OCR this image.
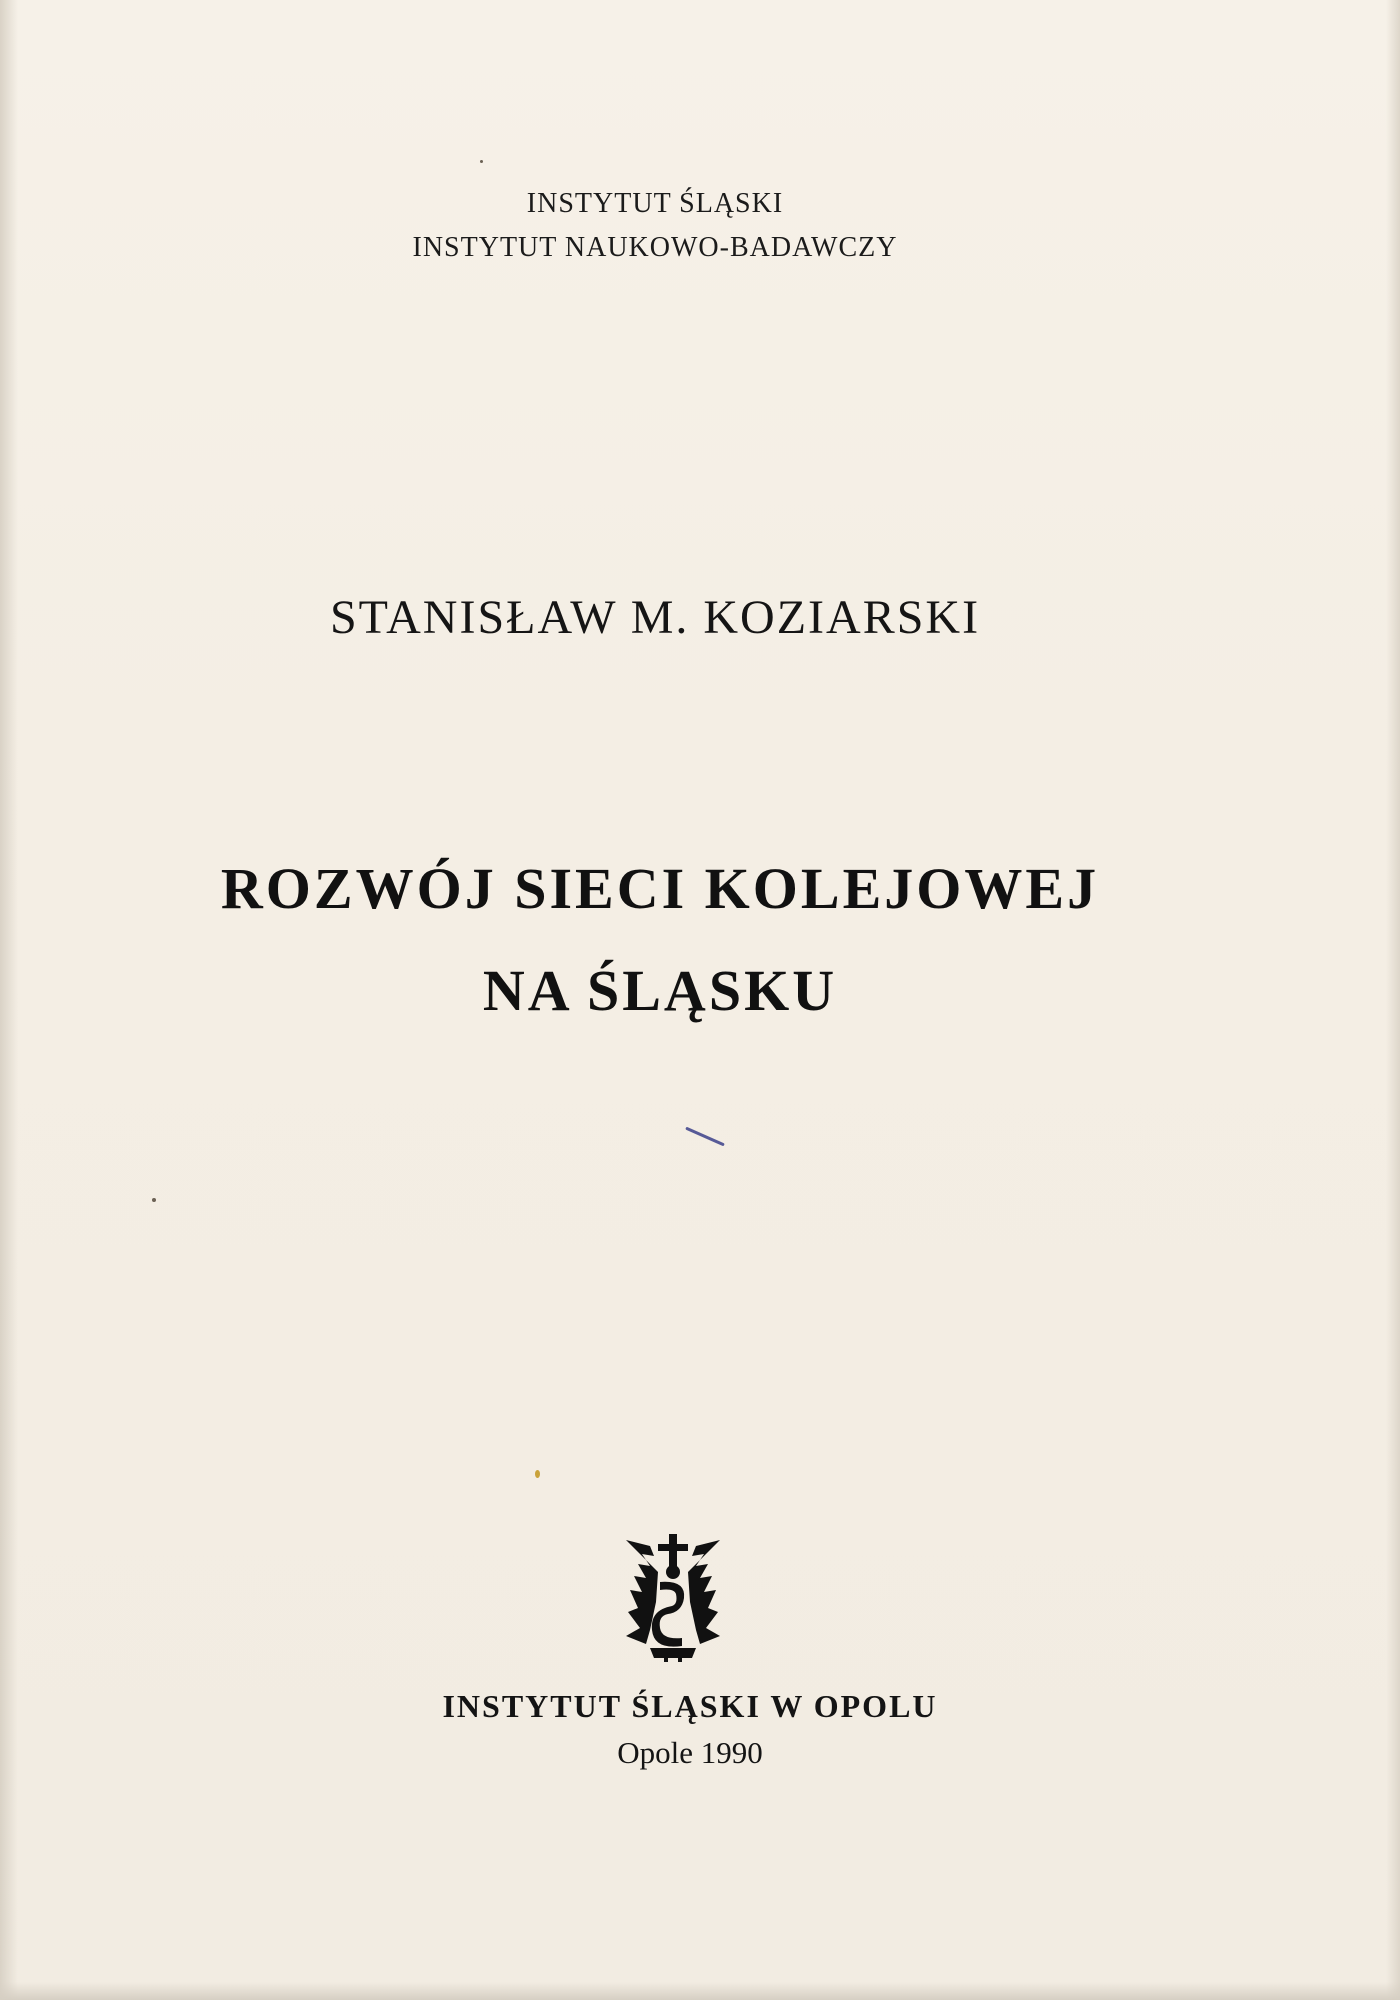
INSTYTUT ŚLĄSKI
INSTYTUT NAUKOWO-BADAWCZY
STANISŁAW M. KOZIARSKI
ROZWÓJ SIECI KOLEJOWEJ
NA ŚLĄSKU
INSTYTUT ŚLĄSKI W OPOLU
Opole 1990
